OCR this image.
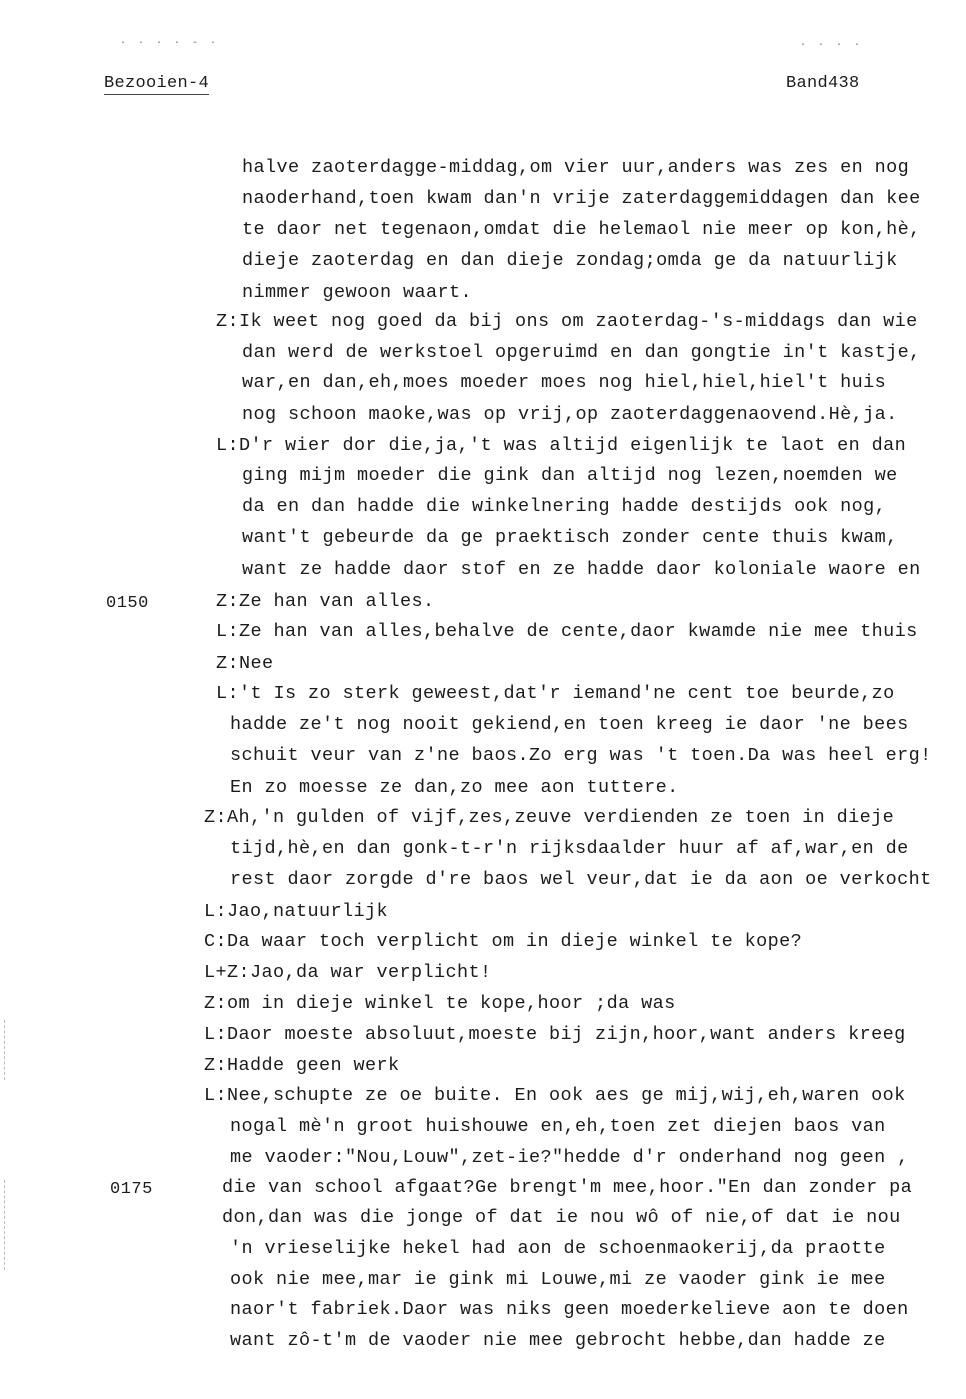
· · · · - ·	· · · ·
Bezooien-4	Band438
0150
0175
halve zaoterdagge-middag,om vier uur,anders was zes en nog
naoderhand,toen kwam dan'n vrije zaterdaggemiddagen dan kee
te daor net tegenaon,omdat die helemaol nie meer op kon,hè,
dieje zaoterdag en dan dieje zondag;omda ge da natuurlijk
nimmer gewoon waart.
Z:Ik weet nog goed da bij ons om zaoterdag-'s-middags dan wie
dan werd de werkstoel opgeruimd en dan gongtie in't kastje,
war,en dan,eh,moes moeder moes nog hiel,hiel,hiel't huis
nog schoon maoke,was op vrij,op zaoterdaggenaovend.Hè,ja.
L:D'r wier dor die,ja,'t was altijd eigenlijk te laot en dan
ging mijm moeder die gink dan altijd nog lezen,noemden we
da en dan hadde die winkelnering hadde destijds ook nog,
want't gebeurde da ge praektisch zonder cente thuis kwam,
want ze hadde daor stof en ze hadde daor koloniale waore en
Z:Ze han van alles.
L:Ze han van alles,behalve de cente,daor kwamde nie mee thuis
Z:Nee
L:'t Is zo sterk geweest,dat'r iemand'ne cent toe beurde,zo
hadde ze't nog nooit gekiend,en toen kreeg ie daor 'ne bees
schuit veur van z'ne baos.Zo erg was 't toen.Da was heel erg!
En zo moesse ze dan,zo mee aon tuttere.
Z:Ah,'n gulden of vijf,zes,zeuve verdienden ze toen in dieje
tijd,hè,en dan gonk-t-r'n rijksdaalder huur af af,war,en de
rest daor zorgde d're baos wel veur,dat ie da aon oe verkocht
L:Jao,natuurlijk
C:Da waar toch verplicht om in dieje winkel te kope?
L+Z:Jao,da war verplicht!
Z:om in dieje winkel te kope,hoor ;da was
L:Daor moeste absoluut,moeste bij zijn,hoor,want anders kreeg
Z:Hadde geen werk
L:Nee,schupte ze oe buite. En ook aes ge mij,wij,eh,waren ook
nogal mè'n groot huishouwe en,eh,toen zet diejen baos van
me vaoder:"Nou,Louw",zet-ie?"hedde d'r onderhand nog geen ,
die van school afgaat?Ge brengt'm mee,hoor."En dan zonder pa
don,dan was die jonge of dat ie nou wô of nie,of dat ie nou
'n vrieselijke hekel had aon de schoenmaokerij,da praotte
ook nie mee,mar ie gink mi Louwe,mi ze vaoder gink ie mee
naor't fabriek.Daor was niks geen moederkelieve aon te doen
want zô-t'm de vaoder nie mee gebrocht hebbe,dan hadde ze
